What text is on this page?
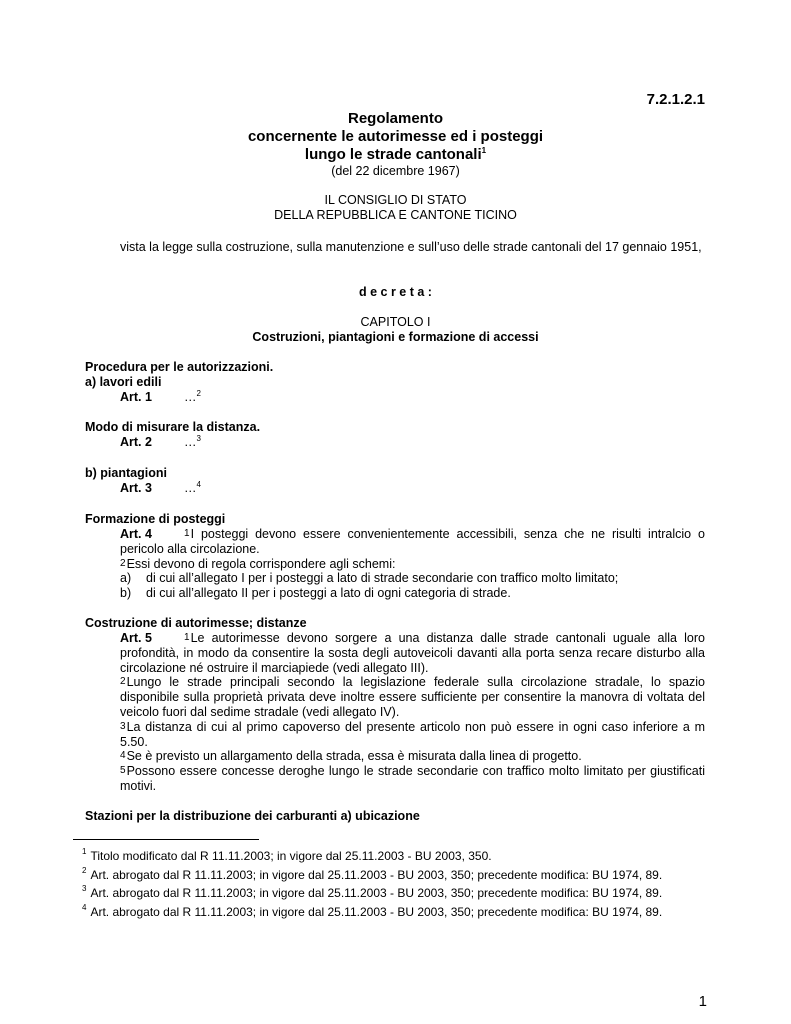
7.2.1.2.1
Regolamento
concernente le autorimesse ed i posteggi
lungo le strade cantonali$^1$
(del 22 dicembre 1967)
IL CONSIGLIO DI STATO
DELLA REPUBBLICA E CANTONE TICINO
vista la legge sulla costruzione, sulla manutenzione e sull’uso delle strade cantonali del 17 gennaio 1951,
d e c r e t a :
CAPITOLO I
Costruzioni, piantagioni e formazione di accessi
Procedura per le autorizzazioni.
a) lavori edili
Art. 1	…$^2$
Modo di misurare la distanza.
Art. 2	…$^3$
b) piantagioni
Art. 3	…$^4$
Formazione di posteggi
Art. 4	1I posteggi devono essere convenientemente accessibili, senza che ne risulti intralcio o pericolo alla circolazione.
2Essi devono di regola corrispondere agli schemi:
a)	di cui all’allegato I per i posteggi a lato di strade secondarie con traffico molto limitato;
b)	di cui all’allegato II per i posteggi a lato di ogni categoria di strade.
Costruzione di autorimesse; distanze
Art. 5	1Le autorimesse devono sorgere a una distanza dalle strade cantonali uguale alla loro profondità, in modo da consentire la sosta degli autoveicoli davanti alla porta senza recare disturbo alla circolazione né ostruire il marciapiede (vedi allegato III).
2Lungo le strade principali secondo la legislazione federale sulla circolazione stradale, lo spazio disponibile sulla proprietà privata deve inoltre essere sufficiente per consentire la manovra di voltata del veicolo fuori dal sedime stradale (vedi allegato IV).
3La distanza di cui al primo capoverso del presente articolo non può essere in ogni caso inferiore a m 5.50.
4Se è previsto un allargamento della strada, essa è misurata dalla linea di progetto.
5Possono essere concesse deroghe lungo le strade secondarie con traffico molto limitato per giustificati motivi.
Stazioni per la distribuzione dei carburanti a) ubicazione
$^1$ Titolo modificato dal R 11.11.2003; in vigore dal 25.11.2003 - BU 2003, 350.
$^2$ Art. abrogato dal R 11.11.2003; in vigore dal 25.11.2003 - BU 2003, 350; precedente modifica: BU 1974, 89.
$^3$ Art. abrogato dal R 11.11.2003; in vigore dal 25.11.2003 - BU 2003, 350; precedente modifica: BU 1974, 89.
$^4$ Art. abrogato dal R 11.11.2003; in vigore dal 25.11.2003 - BU 2003, 350; precedente modifica: BU 1974, 89.
1
